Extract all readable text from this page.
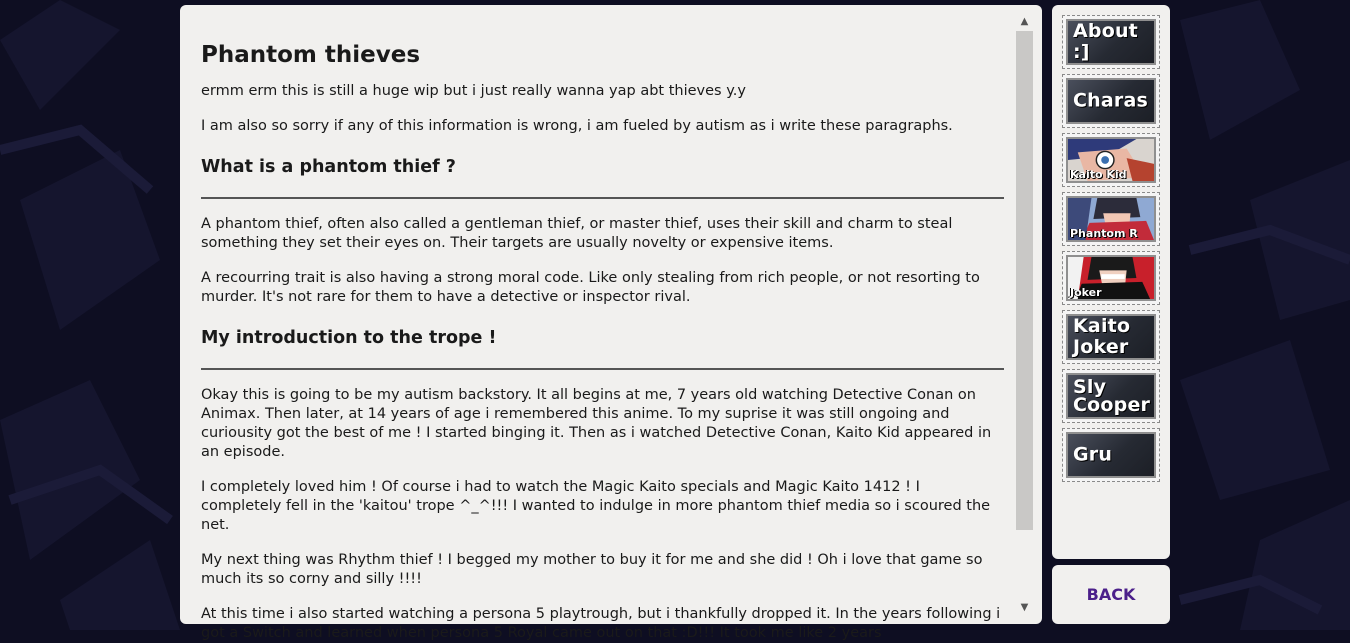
Phantom thieves

ermm erm this is still a huge wip but i just really wanna yap abt thieves y.y

I am also so sorry if any of this information is wrong, i am fueled by autism as i write these paragraphs.

What is a phantom thief ?

A phantom thief, often also called a gentleman thief, or master thief, uses their skill and charm to steal something they set their eyes on. Their targets are usually novelty or expensive items.

A recourring trait is also having a strong moral code. Like only stealing from rich people, or not resorting to murder. It's not rare for them to have a detective or inspector rival.

My introduction to the trope !

Okay this is going to be my autism backstory. It all begins at me, 7 years old watching Detective Conan on Animax. Then later, at 14 years of age i remembered this anime. To my suprise it was still ongoing and curiousity got the best of me ! I started binging it. Then as i watched Detective Conan, Kaito Kid appeared in an episode.

I completely loved him ! Of course i had to watch the Magic Kaito specials and Magic Kaito 1412 ! I completely fell in the 'kaitou' trope ^_^!!! I wanted to indulge in more phantom thief media so i scoured the net.

My next thing was Rhythm thief ! I begged my mother to buy it for me and she did ! Oh i love that game so much its so corny and silly !!!!

At this time i also started watching a persona 5 playtrough, but i thankfully dropped it. In the years following i got a Switch and learned when persona 5 Royal came out on that :D!!! It took me like 2 years

▲
▼
About :]
Charas
Kaito Kid
Phantom R
Joker
Kaito
Joker
Sly
Cooper
Gru
BACK
